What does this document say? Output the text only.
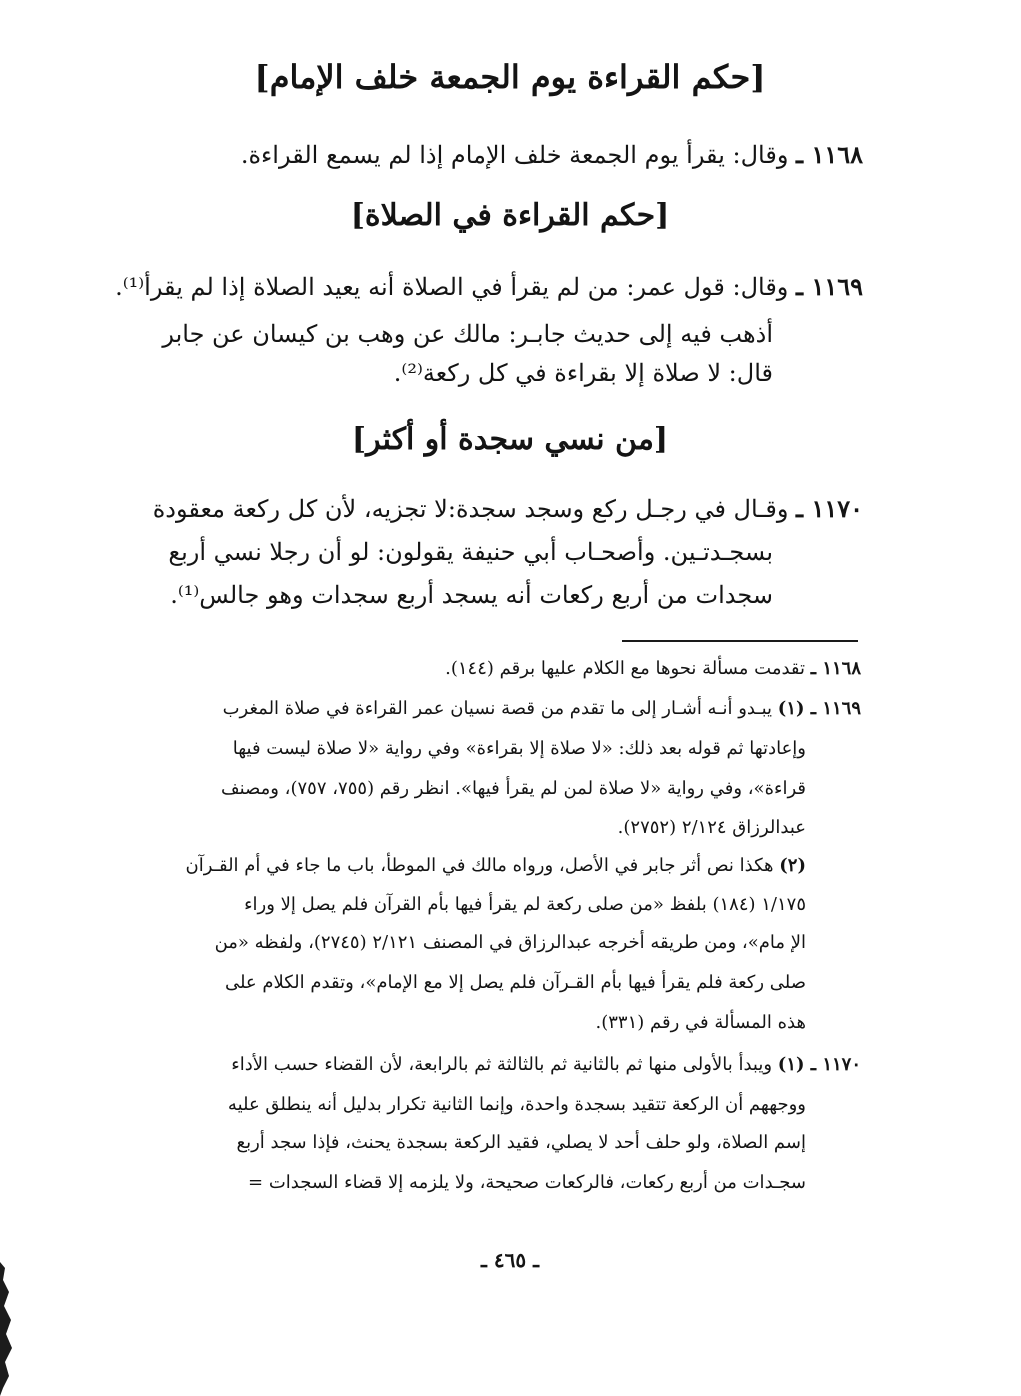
[حكم القراءة يوم الجمعة خلف الإمام]
١١٦٨ ـ وقال: يقرأ يوم الجمعة خلف الإمام إذا لم يسمع القراءة.
[حكم القراءة في الصلاة]
١١٦٩ ـ وقال: قول عمر: من لم يقرأ في الصلاة أنه يعيد الصلاة إذا لم يقرأ⁽¹⁾.
أذهب فيه إلى حديث جابـر: مالك عن وهب بن كيسان عن جابر
قال: لا صلاة إلا بقراءة في كل ركعة⁽²⁾.
[من نسي سجدة أو أكثر]
١١٧٠ ـ وقـال في رجـل ركع وسجد سجدة:لا تجزيه، لأن كل ركعة معقودة
بسجـدتـين. وأصحـاب أبي حنيفة يقولون: لو أن رجلا نسي أربع
سجدات من أربع ركعات أنه يسجد أربع سجدات وهو جالس⁽¹⁾.
١١٦٨ ـ تقدمت مسألة نحوها مع الكلام عليها برقم (١٤٤).
١١٦٩ ـ (١) يبـدو أنـه أشـار إلى ما تقدم من قصة نسيان عمر القراءة في صلاة المغرب
وإعادتها ثم قوله بعد ذلك: «لا صلاة إلا بقراءة» وفي رواية «لا صلاة ليست فيها
قراءة»، وفي رواية «لا صلاة لمن لم يقرأ فيها». انظر رقم (٧٥٥، ٧٥٧)، ومصنف
عبدالرزاق ٢/١٢٤ (٢٧٥٢).
(٢) هكذا نص أثر جابر في الأصل، ورواه مالك في الموطأ، باب ما جاء في أم القـرآن
١/١٧٥ (١٨٤) بلفظ «من صلى ركعة لم يقرأ فيها بأم القرآن فلم يصل إلا وراء
الإ مام»، ومن طريقه أخرجه عبدالرزاق في المصنف ٢/١٢١ (٢٧٤٥)، ولفظه «من
صلى ركعة فلم يقرأ فيها بأم القـرآن فلم يصل إلا مع الإمام»، وتقدم الكلام على
هذه المسألة في رقم (٣٣١).
١١٧٠ ـ (١) ويبدأ بالأولى منها ثم بالثانية ثم بالثالثة ثم بالرابعة، لأن القضاء حسب الأداء
ووجههم أن الركعة تتقيد بسجدة واحدة، وإنما الثانية تكرار بدليل أنه ينطلق عليه
إسم الصلاة، ولو حلف أحد لا يصلي، فقيد الركعة بسجدة يحنث، فإذا سجد أربع
سجـدات من أربع ركعات، فالركعات صحيحة، ولا يلزمه إلا قضاء السجدات =
ـ ٤٦٥ ـ
